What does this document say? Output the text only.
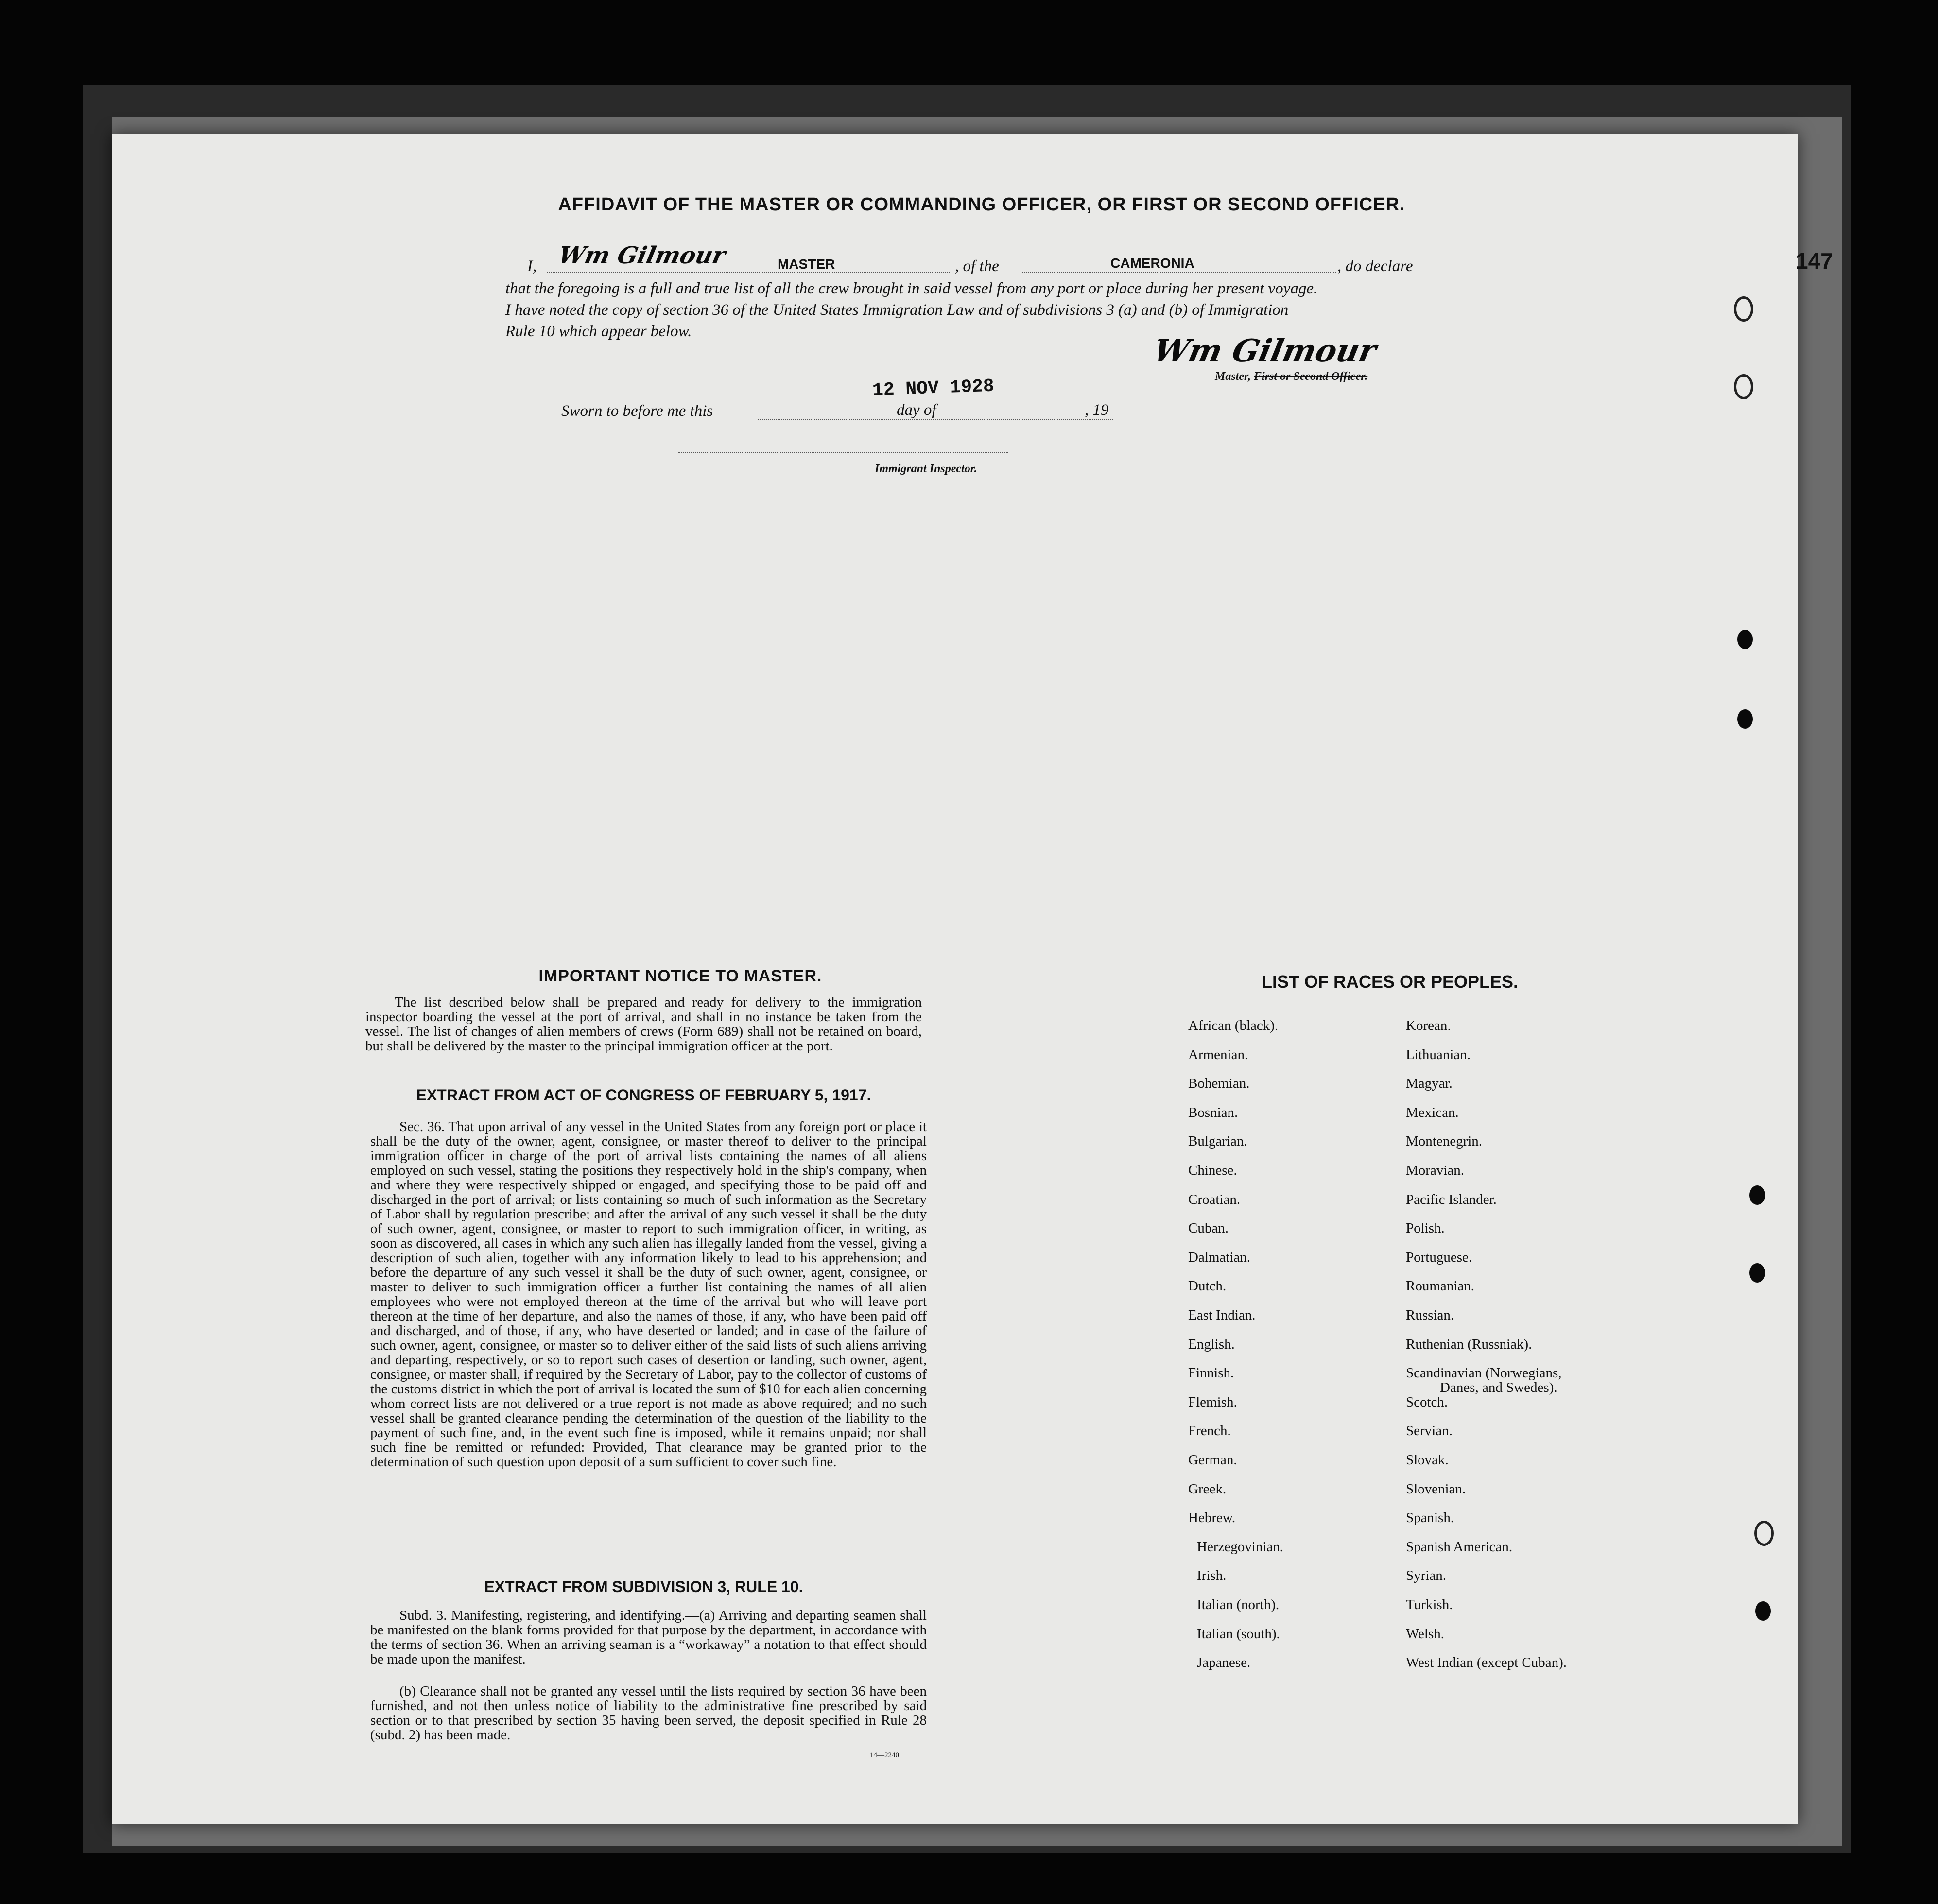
147
AFFIDAVIT OF THE MASTER OR COMMANDING OFFICER, OR FIRST OR SECOND OFFICER.
I, Wm Gilmour	MASTER	, of the	CAMERONIA	, do declare
that the foregoing is a full and true list of all the crew brought in said vessel from any port or place during her present voyage.
I have noted the copy of section 36 of the United States Immigration Law and of subdivisions 3 (a) and (b) of Immigration
Rule 10 which appear below.
Wm Gilmour
Master, First or Second Officer.
Sworn to before me this
12 NOV 1928
day of	, 19
Immigrant Inspector.
IMPORTANT NOTICE TO MASTER.
The list described below shall be prepared and ready for delivery to the immigration inspector boarding the vessel at the port of arrival, and shall in no instance be taken from the vessel. The list of changes of alien members of crews (Form 689) shall not be retained on board, but shall be delivered by the master to the principal immigration officer at the port.
EXTRACT FROM ACT OF CONGRESS OF FEBRUARY 5, 1917.
Sec. 36. That upon arrival of any vessel in the United States from any foreign port or place it shall be the duty of the owner, agent, consignee, or master thereof to deliver to the principal immigration officer in charge of the port of arrival lists containing the names of all aliens employed on such vessel, stating the positions they respectively hold in the ship's company, when and where they were respectively shipped or engaged, and specifying those to be paid off and discharged in the port of arrival; or lists containing so much of such information as the Secretary of Labor shall by regulation prescribe; and after the arrival of any such vessel it shall be the duty of such owner, agent, consignee, or master to report to such immigration officer, in writing, as soon as discovered, all cases in which any such alien has illegally landed from the vessel, giving a description of such alien, together with any information likely to lead to his apprehension; and before the departure of any such vessel it shall be the duty of such owner, agent, consignee, or master to deliver to such immigration officer a further list containing the names of all alien employees who were not employed thereon at the time of the arrival but who will leave port thereon at the time of her departure, and also the names of those, if any, who have been paid off and discharged, and of those, if any, who have deserted or landed; and in case of the failure of such owner, agent, consignee, or master so to deliver either of the said lists of such aliens arriving and departing, respectively, or so to report such cases of desertion or landing, such owner, agent, consignee, or master shall, if required by the Secretary of Labor, pay to the collector of customs of the customs district in which the port of arrival is located the sum of $10 for each alien concerning whom correct lists are not delivered or a true report is not made as above required; and no such vessel shall be granted clearance pending the determination of the question of the liability to the payment of such fine, and, in the event such fine is imposed, while it remains unpaid; nor shall such fine be remitted or refunded: Provided, That clearance may be granted prior to the determination of such question upon deposit of a sum sufficient to cover such fine.
EXTRACT FROM SUBDIVISION 3, RULE 10.
Subd. 3. Manifesting, registering, and identifying.—(a) Arriving and departing seamen shall be manifested on the blank forms provided for that purpose by the department, in accordance with the terms of section 36. When an arriving seaman is a “workaway” a notation to that effect should be made upon the manifest.
(b) Clearance shall not be granted any vessel until the lists required by section 36 have been furnished, and not then unless notice of liability to the administrative fine prescribed by said section or to that prescribed by section 35 having been served, the deposit specified in Rule 28 (subd. 2) has been made.
14—2240
LIST OF RACES OR PEOPLES.
African (black).
Armenian.
Bohemian.
Bosnian.
Bulgarian.
Chinese.
Croatian.
Cuban.
Dalmatian.
Dutch.
East Indian.
English.
Finnish.
Flemish.
French.
German.
Greek.
Hebrew.
Herzegovinian.
Irish.
Italian (north).
Italian (south).
Japanese.
Korean.
Lithuanian.
Magyar.
Mexican.
Montenegrin.
Moravian.
Pacific Islander.
Polish.
Portuguese.
Roumanian.
Russian.
Ruthenian (Russniak).
Scandinavian (Norwegians,
Danes, and Swedes).
Scotch.
Servian.
Slovak.
Slovenian.
Spanish.
Spanish American.
Syrian.
Turkish.
Welsh.
West Indian (except Cuban).
